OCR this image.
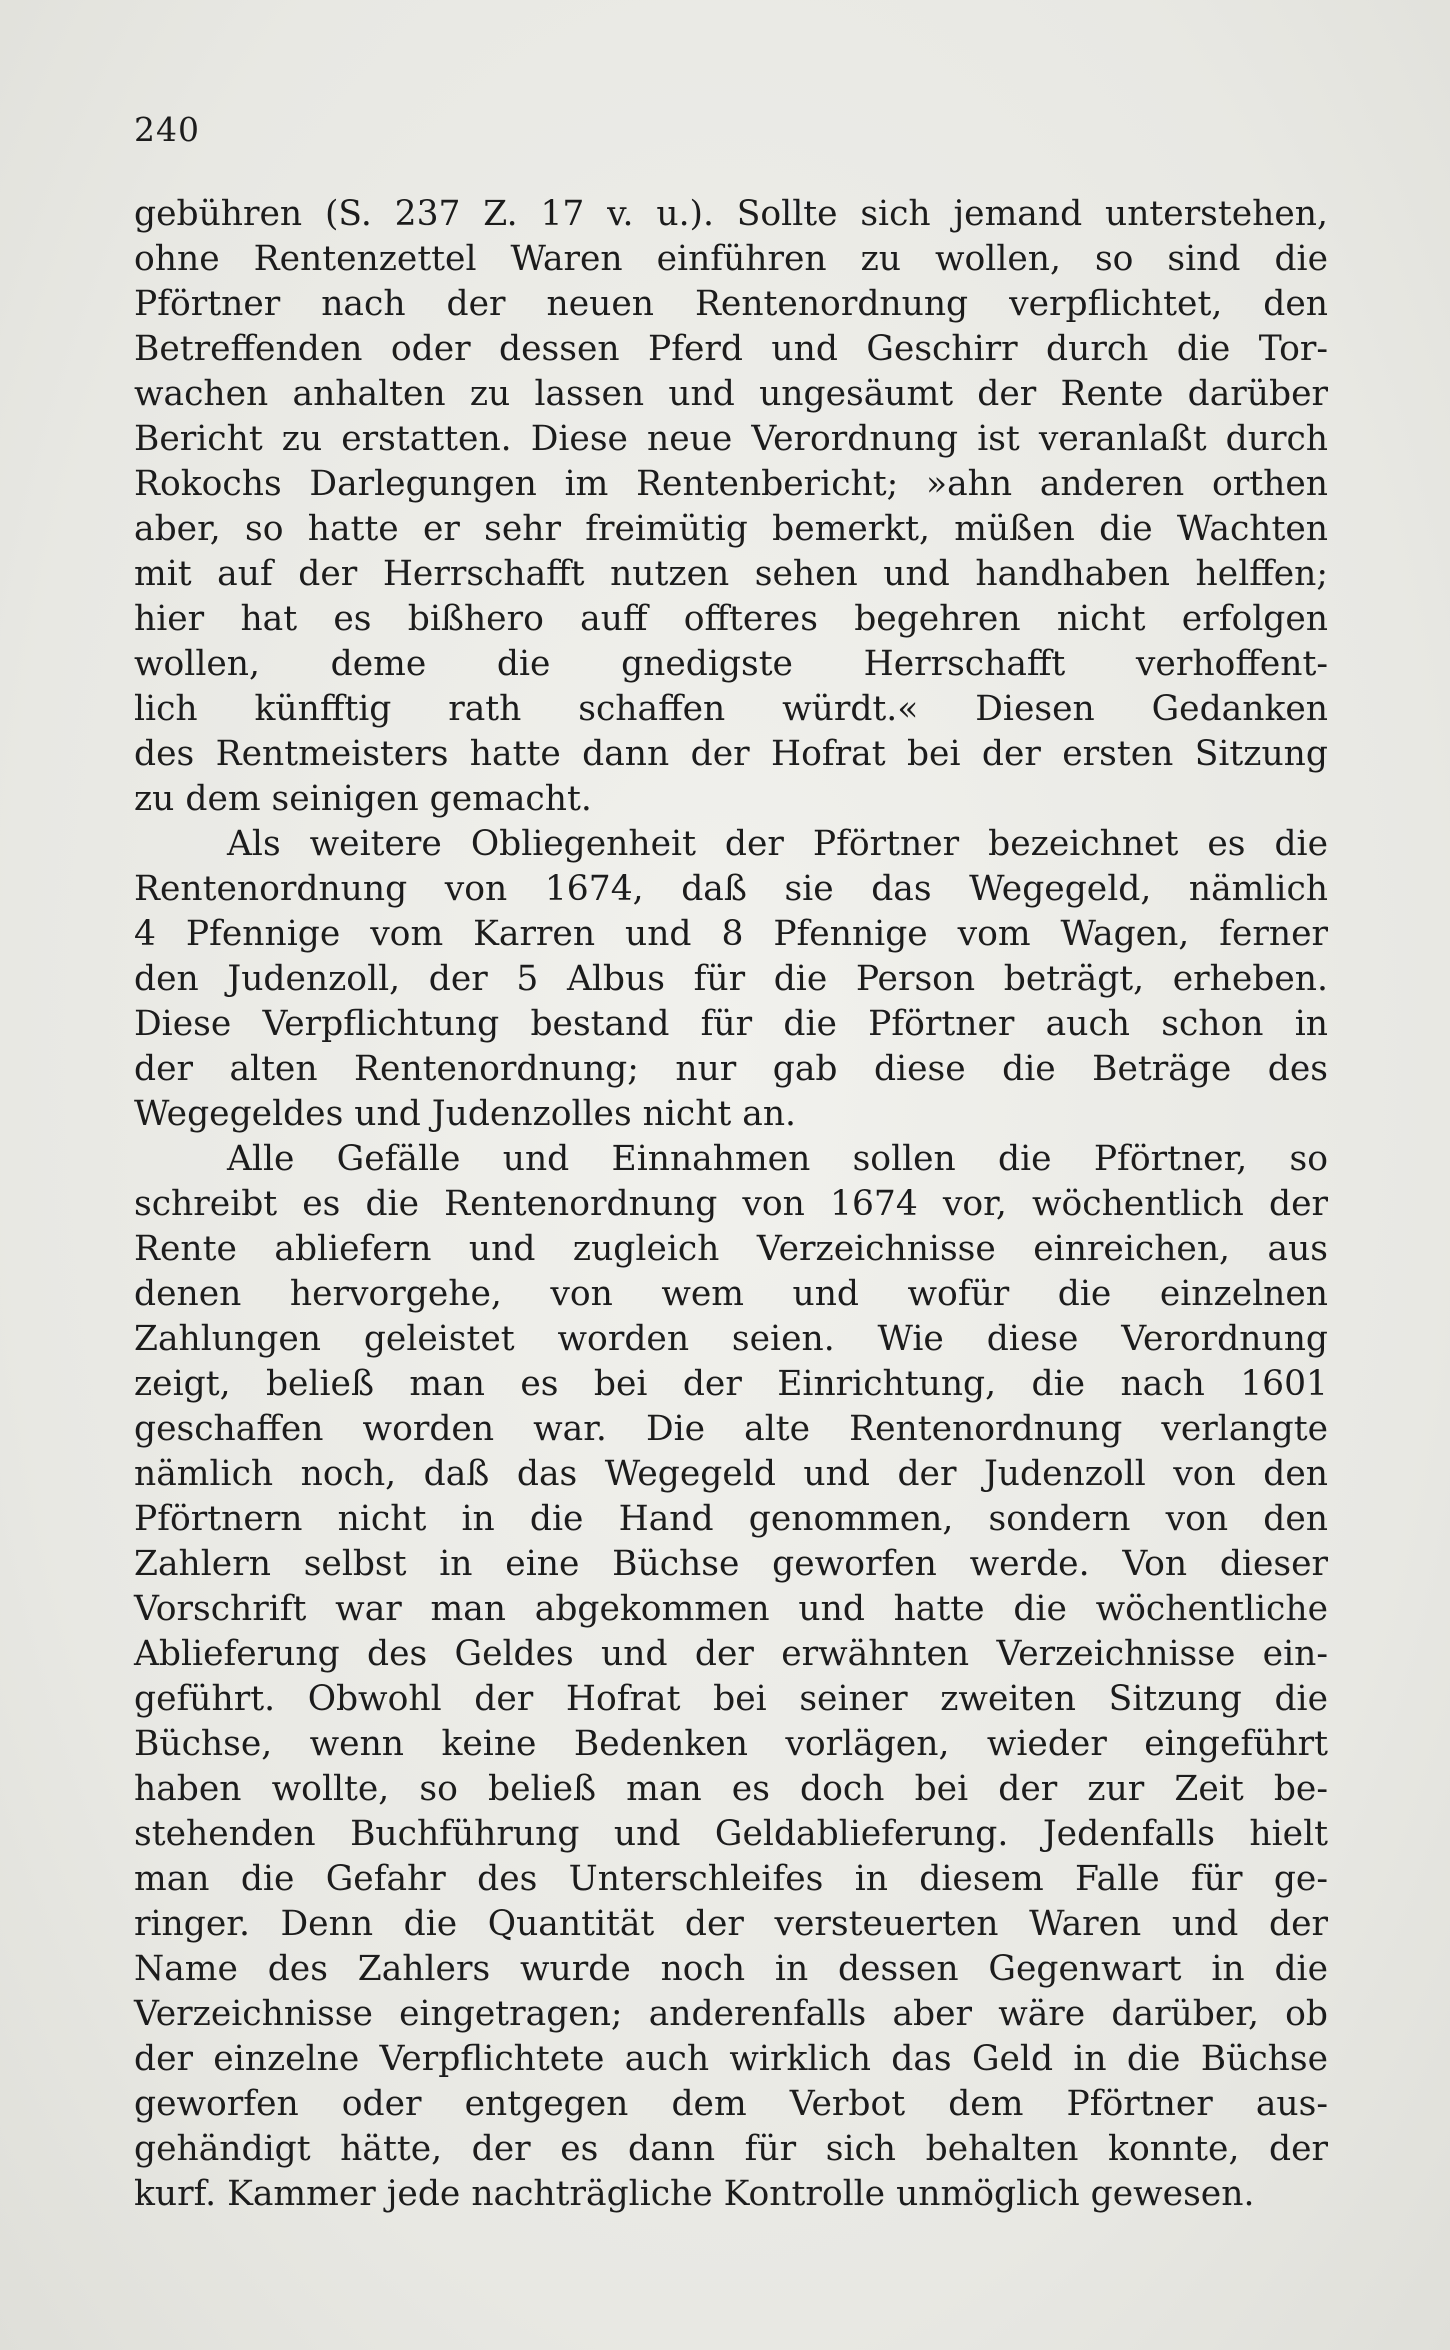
240
gebühren (S. 237 Z. 17 v. u.). Sollte sich jemand unterstehen,
ohne Rentenzettel Waren einführen zu wollen, so sind die
Pförtner nach der neuen Rentenordnung verpflichtet, den
Betreffenden oder dessen Pferd und Geschirr durch die Tor-
wachen anhalten zu lassen und ungesäumt der Rente darüber
Bericht zu erstatten. Diese neue Verordnung ist veranlaßt durch
Rokochs Darlegungen im Rentenbericht; »ahn anderen orthen
aber, so hatte er sehr freimütig bemerkt, müßen die Wachten
mit auf der Herrschafft nutzen sehen und handhaben helffen;
hier hat es bißhero auff offteres begehren nicht erfolgen
wollen, deme die gnedigste Herrschafft verhoffent-
lich künfftig rath schaffen würdt.« Diesen Gedanken
des Rentmeisters hatte dann der Hofrat bei der ersten Sitzung
zu dem seinigen gemacht.
Als weitere Obliegenheit der Pförtner bezeichnet es die
Rentenordnung von 1674, daß sie das Wegegeld, nämlich
4 Pfennige vom Karren und 8 Pfennige vom Wagen, ferner
den Judenzoll, der 5 Albus für die Person beträgt, erheben.
Diese Verpflichtung bestand für die Pförtner auch schon in
der alten Rentenordnung; nur gab diese die Beträge des
Wegegeldes und Judenzolles nicht an.
Alle Gefälle und Einnahmen sollen die Pförtner, so
schreibt es die Rentenordnung von 1674 vor, wöchentlich der
Rente abliefern und zugleich Verzeichnisse einreichen, aus
denen hervorgehe, von wem und wofür die einzelnen
Zahlungen geleistet worden seien. Wie diese Verordnung
zeigt, beließ man es bei der Einrichtung, die nach 1601
geschaffen worden war. Die alte Rentenordnung verlangte
nämlich noch, daß das Wegegeld und der Judenzoll von den
Pförtnern nicht in die Hand genommen, sondern von den
Zahlern selbst in eine Büchse geworfen werde. Von dieser
Vorschrift war man abgekommen und hatte die wöchentliche
Ablieferung des Geldes und der erwähnten Verzeichnisse ein-
geführt. Obwohl der Hofrat bei seiner zweiten Sitzung die
Büchse, wenn keine Bedenken vorlägen, wieder eingeführt
haben wollte, so beließ man es doch bei der zur Zeit be-
stehenden Buchführung und Geldablieferung. Jedenfalls hielt
man die Gefahr des Unterschleifes in diesem Falle für ge-
ringer. Denn die Quantität der versteuerten Waren und der
Name des Zahlers wurde noch in dessen Gegenwart in die
Verzeichnisse eingetragen; anderenfalls aber wäre darüber, ob
der einzelne Verpflichtete auch wirklich das Geld in die Büchse
geworfen oder entgegen dem Verbot dem Pförtner aus-
gehändigt hätte, der es dann für sich behalten konnte, der
kurf. Kammer jede nachträgliche Kontrolle unmöglich gewesen.
